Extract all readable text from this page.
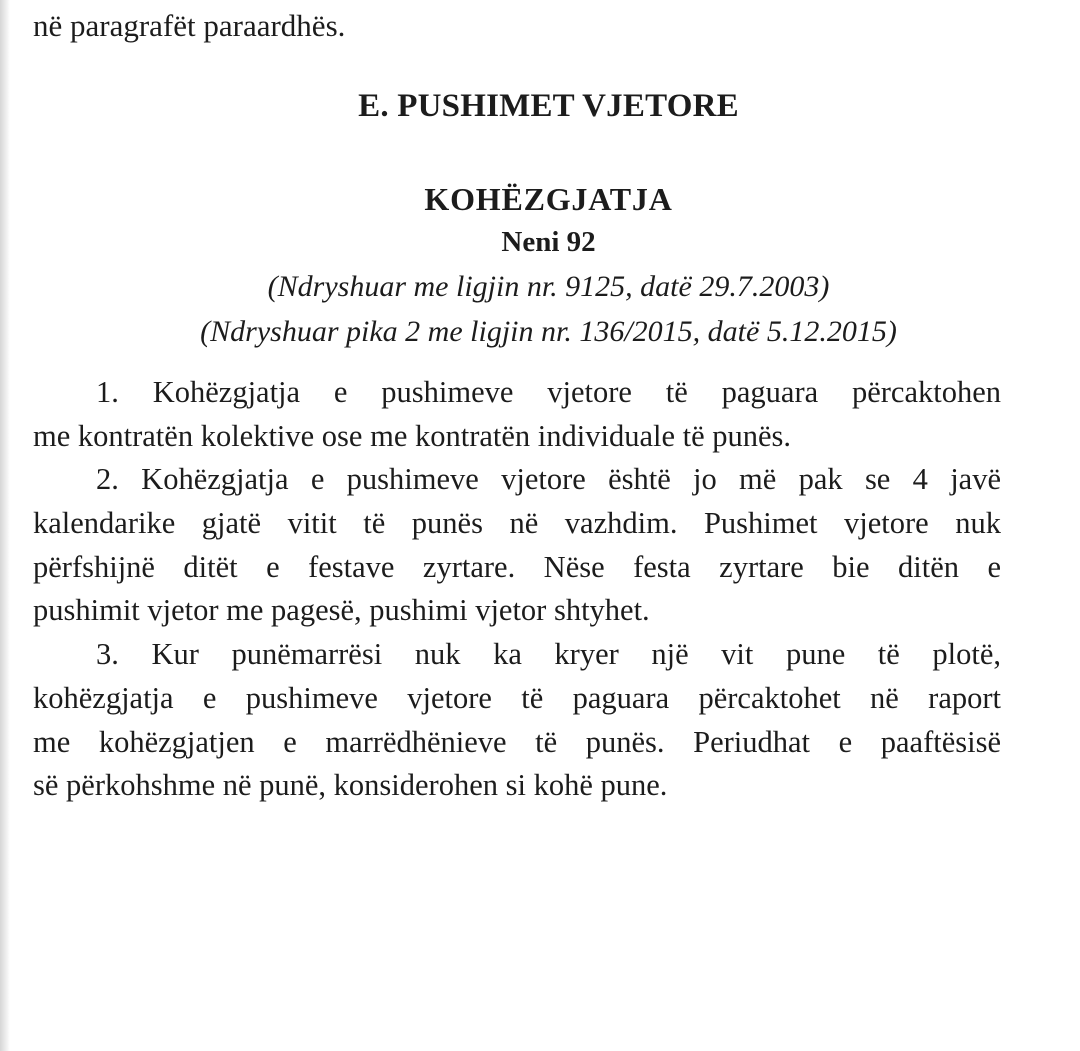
në paragrafët paraardhës.

E. PUSHIMET VJETORE
KOHËZGJATJA
Neni 92

(Ndryshuar me ligjin nr. 9125, datë 29.7.2003)

(Ndryshuar pika 2 me ligjin nr. 136/2015, datë 5.12.2015)

1. Kohëzgjatja e pushimeve vjetore të paguara përcaktohen
me kontratën kolektive ose me kontratën individuale të punës.
2. Kohëzgjatja e pushimeve vjetore është jo më pak se 4 javë
kalendarike gjatë vitit të punës në vazhdim. Pushimet vjetore nuk
përfshijnë ditët e festave zyrtare. Nëse festa zyrtare bie ditën e
pushimit vjetor me pagesë, pushimi vjetor shtyhet.
3. Kur punëmarrësi nuk ka kryer një vit pune të plotë,
kohëzgjatja e pushimeve vjetore të paguara përcaktohet në raport
me kohëzgjatjen e marrëdhënieve të punës. Periudhat e paaftësisë
së përkohshme në punë, konsiderohen si kohë pune.
